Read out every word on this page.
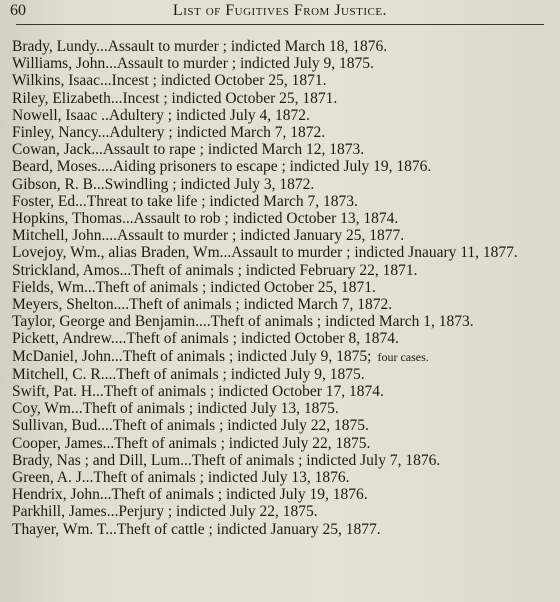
60	List of Fugitives From Justice.
Brady, Lundy...Assault to murder ; indicted March 18, 1876.
Williams, John...Assault to murder ; indicted July 9, 1875.
Wilkins, Isaac...Incest ; indicted October 25, 1871.
Riley, Elizabeth...Incest ; indicted October 25, 1871.
Nowell, Isaac ..Adultery ; indicted July 4, 1872.
Finley, Nancy...Adultery ; indicted March 7, 1872.
Cowan, Jack...Assault to rape ; indicted March 12, 1873.
Beard, Moses....Aiding prisoners to escape ; indicted July 19, 1876.
Gibson, R. B...Swindling ; indicted July 3, 1872.
Foster, Ed...Threat to take life ; indicted March 7, 1873.
Hopkins, Thomas...Assault to rob ; indicted October 13, 1874.
Mitchell, John....Assault to murder ; indicted January 25, 1877.
Lovejoy, Wm., alias Braden, Wm...Assault to murder ; indicted Jnauary 11, 1877.
Strickland, Amos...Theft of animals ; indicted February 22, 1871.
Fields, Wm...Theft of animals ; indicted October 25, 1871.
Meyers, Shelton....Theft of animals ; indicted March 7, 1872.
Taylor, George and Benjamin....Theft of animals ; indicted March 1, 1873.
Pickett, Andrew....Theft of animals ; indicted October 8, 1874.
McDaniel, John...Theft of animals ; indicted July 9, 1875; four cases.
Mitchell, C. R....Theft of animals ; indicted July 9, 1875.
Swift, Pat. H...Theft of animals ; indicted October 17, 1874.
Coy, Wm...Theft of animals ; indicted July 13, 1875.
Sullivan, Bud....Theft of animals ; indicted July 22, 1875.
Cooper, James...Theft of animals ; indicted July 22, 1875.
Brady, Nas ; and Dill, Lum...Theft of animals ; indicted July 7, 1876.
Green, A. J...Theft of animals ; indicted July 13, 1876.
Hendrix, John...Theft of animals ; indicted July 19, 1876.
Parkhill, James...Perjury ; indicted July 22, 1875.
Thayer, Wm. T...Theft of cattle ; indicted January 25, 1877.
